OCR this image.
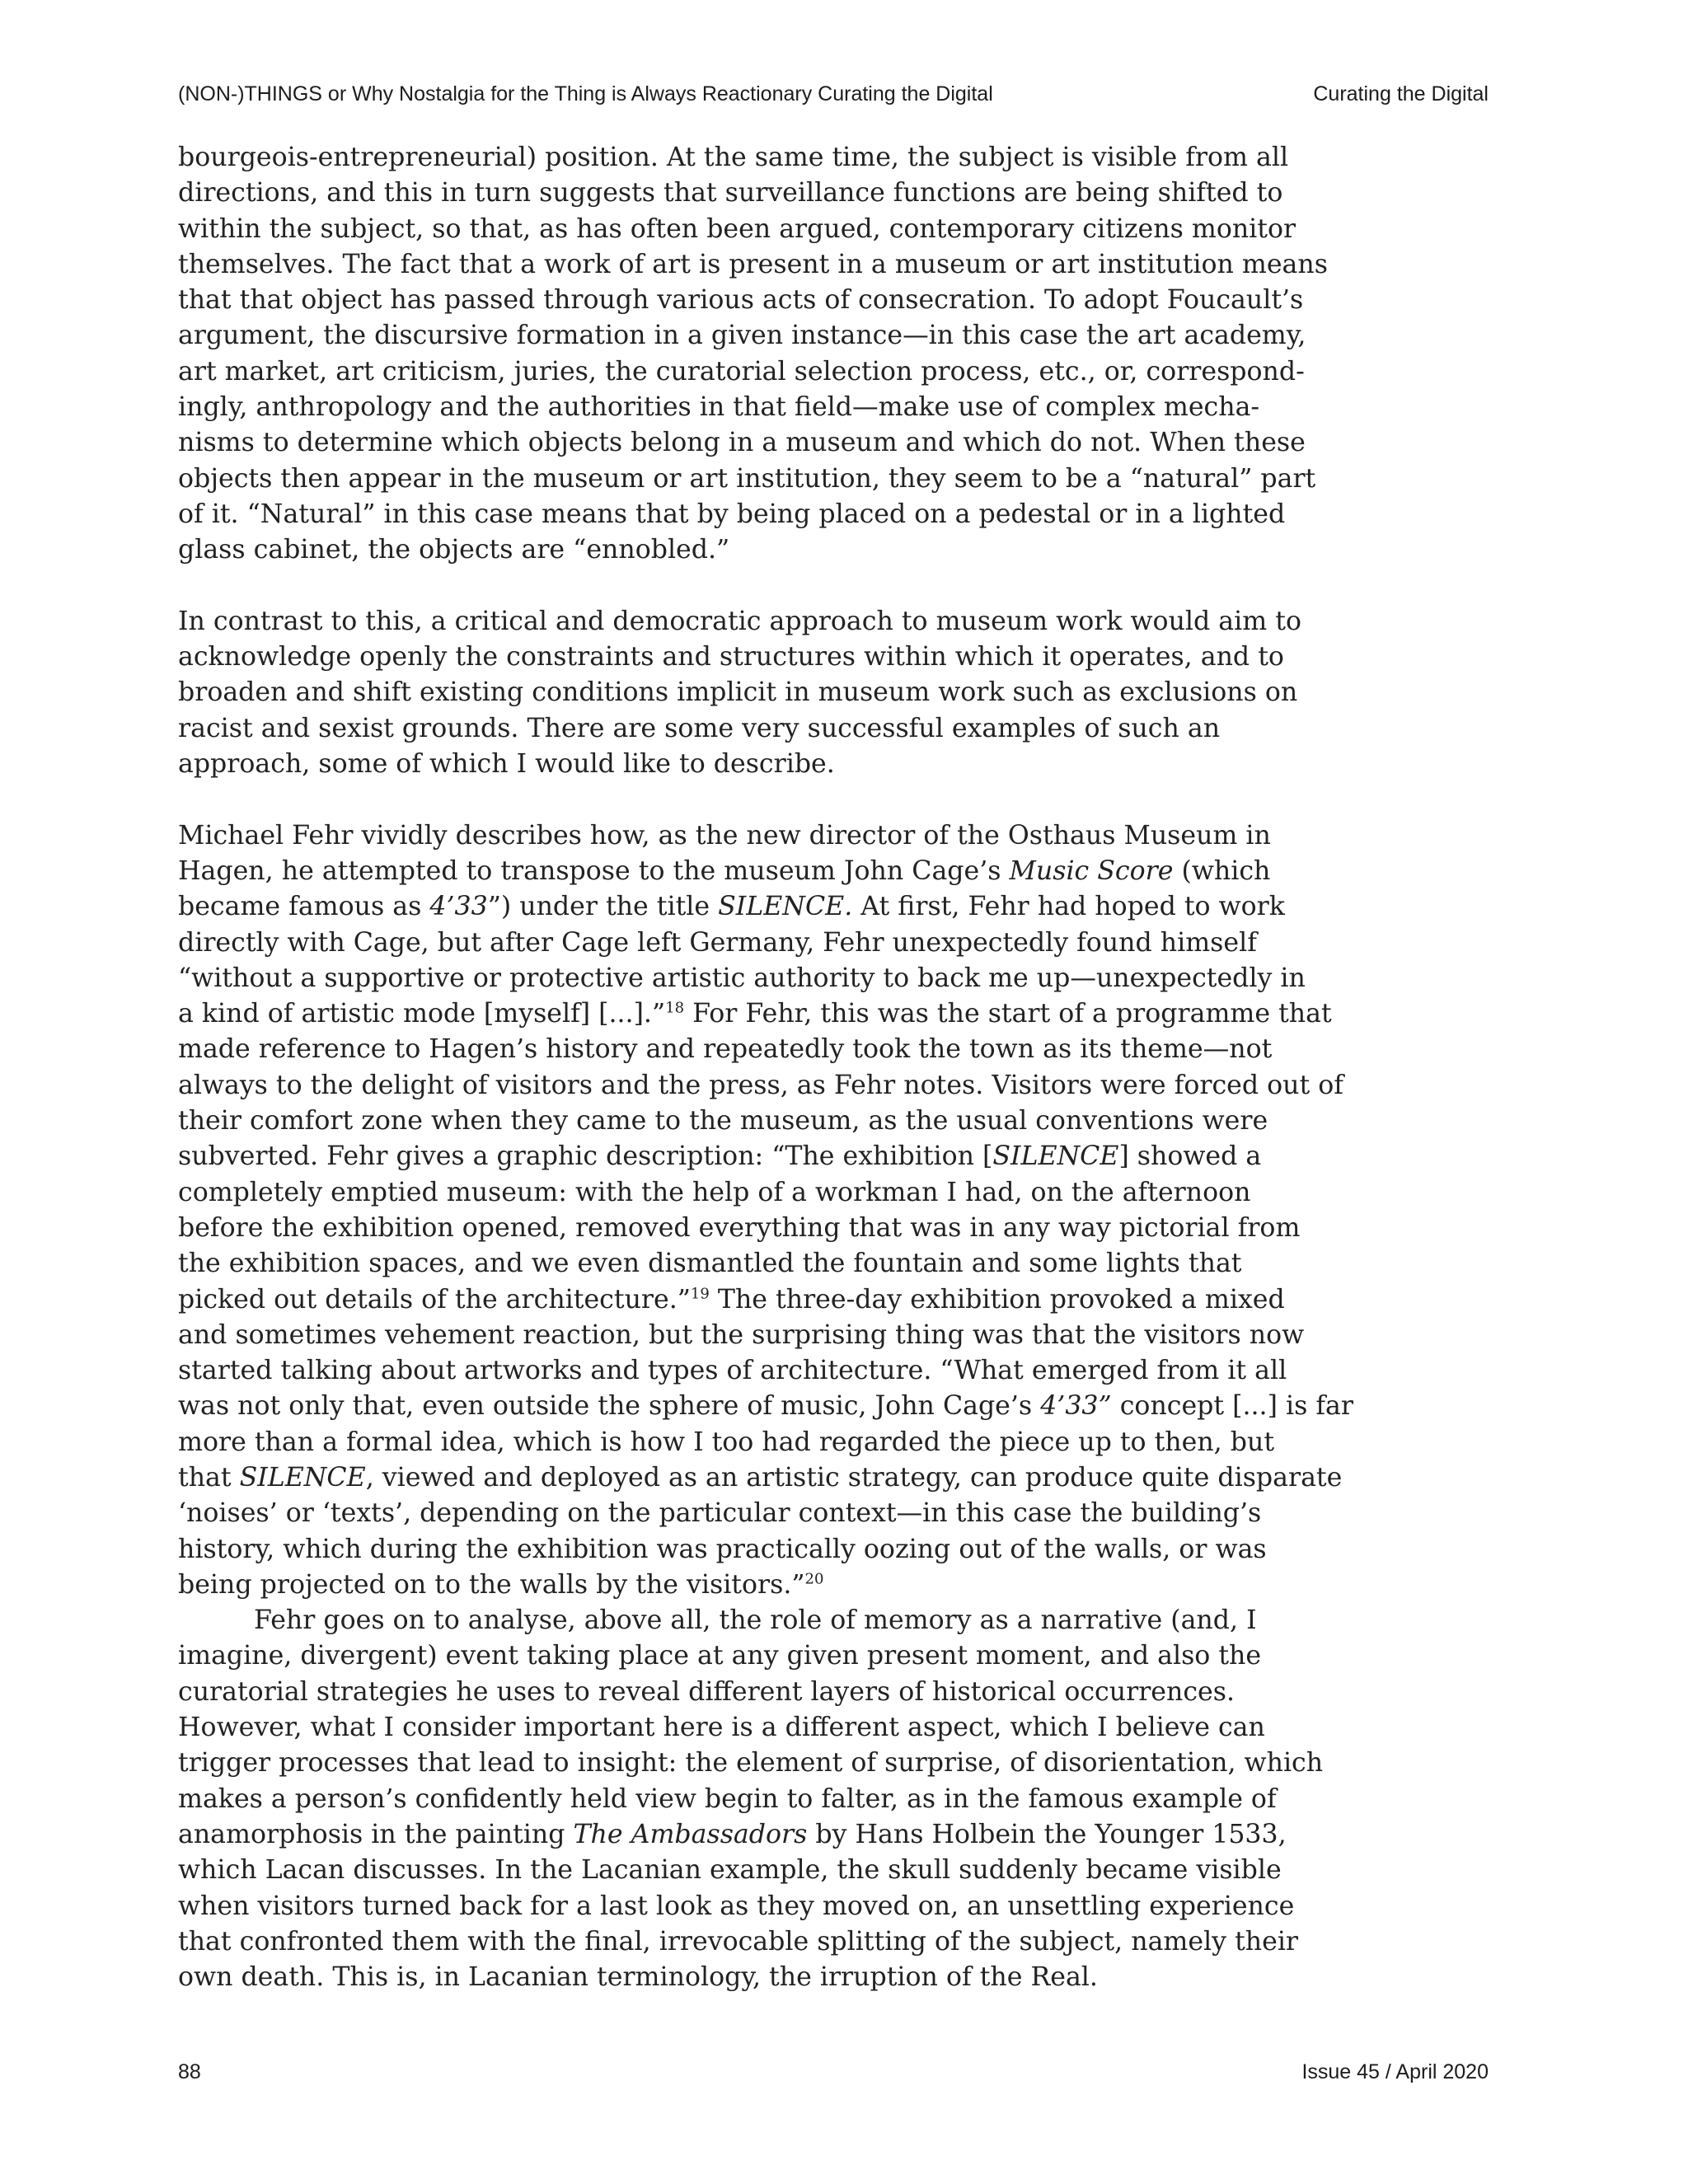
(NON-)THINGS or Why Nostalgia for the Thing is Always Reactionary Curating the Digital	Curating the Digital

bourgeois-entrepreneurial) position. At the same time, the subject is visible from all
directions, and this in turn suggests that surveillance functions are being shifted to
within the subject, so that, as has often been argued, contemporary citizens monitor
themselves. The fact that a work of art is present in a museum or art institution means
that that object has passed through various acts of consecration. To adopt Foucault’s
argument, the discursive formation in a given instance—in this case the art academy,
art market, art criticism, juries, the curatorial selection process, etc., or, correspond-
ingly, anthropology and the authorities in that field—make use of complex mecha-
nisms to determine which objects belong in a museum and which do not. When these
objects then appear in the museum or art institution, they seem to be a “natural” part
of it. “Natural” in this case means that by being placed on a pedestal or in a lighted
glass cabinet, the objects are “ennobled.”

In contrast to this, a critical and democratic approach to museum work would aim to
acknowledge openly the constraints and structures within which it operates, and to
broaden and shift existing conditions implicit in museum work such as exclusions on
racist and sexist grounds. There are some very successful examples of such an
approach, some of which I would like to describe.

Michael Fehr vividly describes how, as the new director of the Osthaus Museum in
Hagen, he attempted to transpose to the museum John Cage’s Music Score (which
became famous as 4’33”) under the title SILENCE. At first, Fehr had hoped to work
directly with Cage, but after Cage left Germany, Fehr unexpectedly found himself
“without a supportive or protective artistic authority to back me up—unexpectedly in
a kind of artistic mode [myself] [...].”$^{18}$ For Fehr, this was the start of a programme that
made reference to Hagen’s history and repeatedly took the town as its theme—not
always to the delight of visitors and the press, as Fehr notes. Visitors were forced out of
their comfort zone when they came to the museum, as the usual conventions were
subverted. Fehr gives a graphic description: “The exhibition [SILENCE] showed a
completely emptied museum: with the help of a workman I had, on the afternoon
before the exhibition opened, removed everything that was in any way pictorial from
the exhibition spaces, and we even dismantled the fountain and some lights that
picked out details of the architecture.”$^{19}$ The three-day exhibition provoked a mixed
and sometimes vehement reaction, but the surprising thing was that the visitors now
started talking about artworks and types of architecture. “What emerged from it all
was not only that, even outside the sphere of music, John Cage’s 4’33” concept [...] is far
more than a formal idea, which is how I too had regarded the piece up to then, but
that SILENCE, viewed and deployed as an artistic strategy, can produce quite disparate
‘noises’ or ‘texts’, depending on the particular context—in this case the building’s
history, which during the exhibition was practically oozing out of the walls, or was
being projected on to the walls by the visitors.”$^{20}$

Fehr goes on to analyse, above all, the role of memory as a narrative (and, I

imagine, divergent) event taking place at any given present moment, and also the
curatorial strategies he uses to reveal different layers of historical occurrences.
However, what I consider important here is a different aspect, which I believe can
trigger processes that lead to insight: the element of surprise, of disorientation, which
makes a person’s confidently held view begin to falter, as in the famous example of
anamorphosis in the painting The Ambassadors by Hans Holbein the Younger 1533,
which Lacan discusses. In the Lacanian example, the skull suddenly became visible
when visitors turned back for a last look as they moved on, an unsettling experience
that confronted them with the final, irrevocable splitting of the subject, namely their
own death. This is, in Lacanian terminology, the irruption of the Real.

88	Issue 45 / April 2020
